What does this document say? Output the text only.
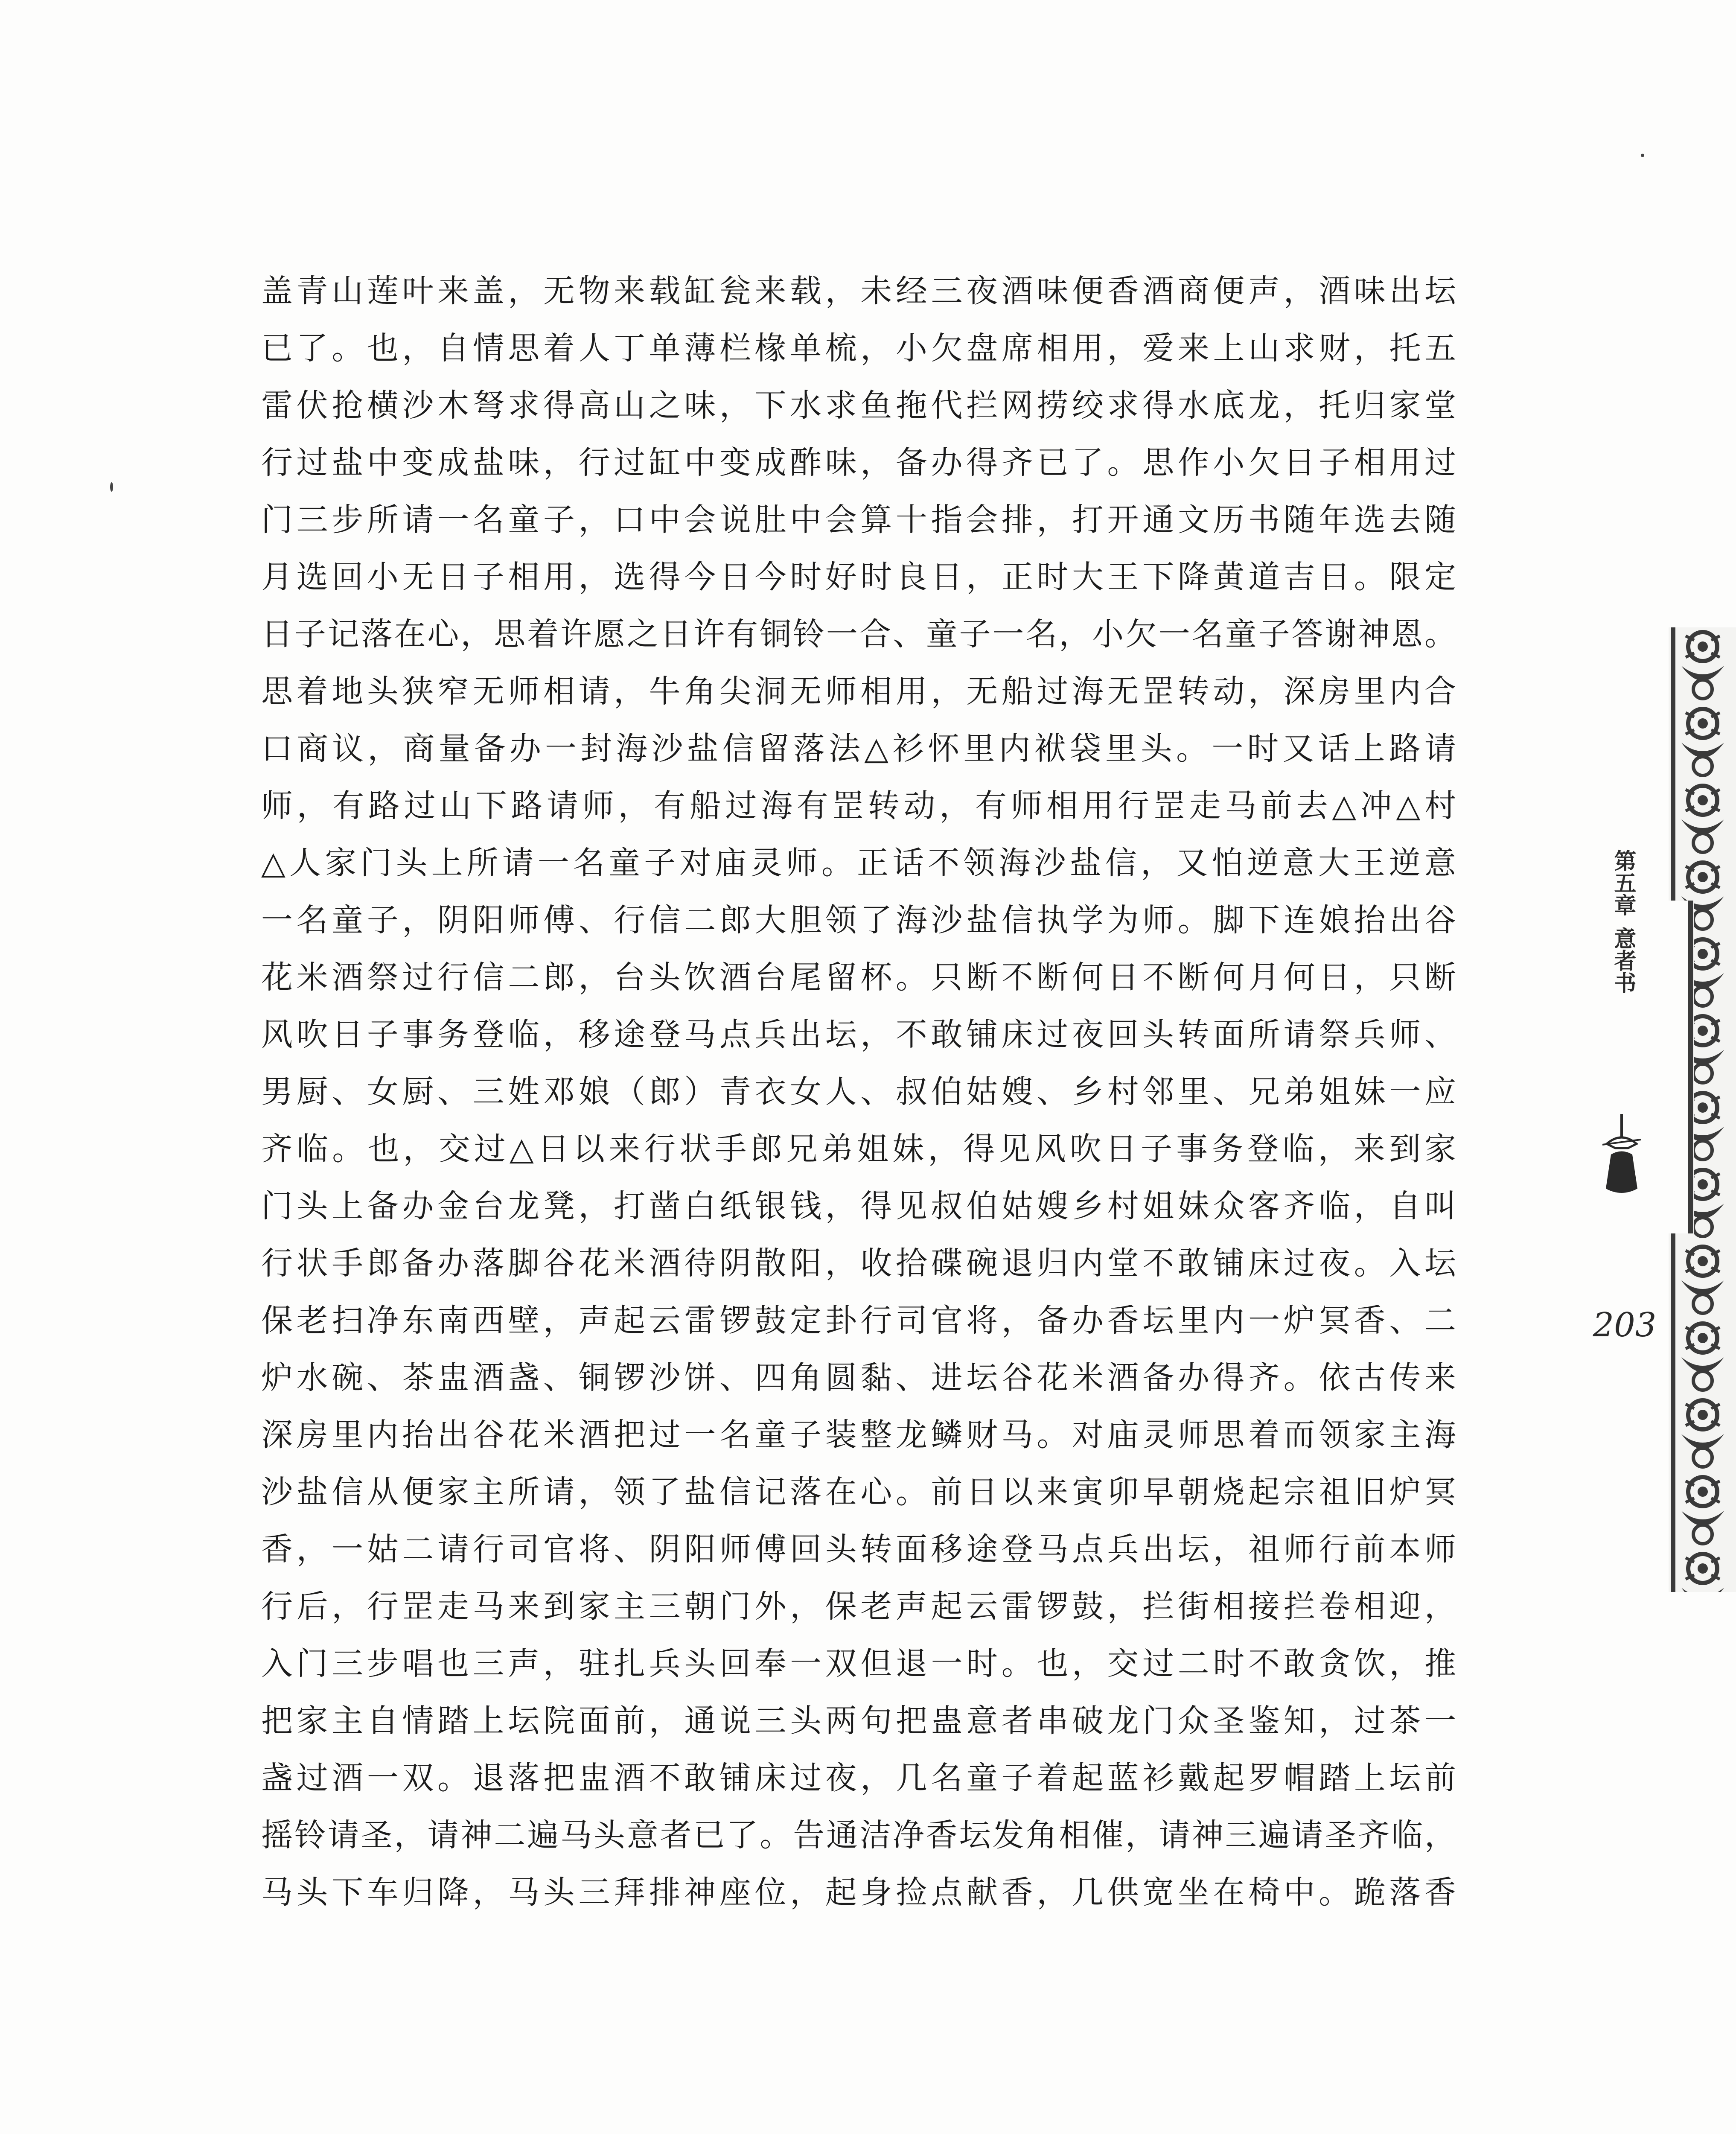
盖青山莲叶来盖，无物来载缸瓮来载，未经三夜酒味便香酒商便声，酒味出坛
已了。也，自情思着人丁单薄栏椽单梳，小欠盘席相用，爱来上山求财，托五
雷伏抢横沙木弩求得高山之味，下水求鱼拖代拦网捞绞求得水底龙，托归家堂
行过盐中变成盐味，行过缸中变成酢味，备办得齐已了。思作小欠日子相用过
门三步所请一名童子，口中会说肚中会算十指会排，打开通文历书随年选去随
月选回小无日子相用，选得今日今时好时良日，正时大王下降黄道吉日。限定
日子记落在心，思着许愿之日许有铜铃一合、童子一名，小欠一名童子答谢神恩。
思着地头狭窄无师相请，牛角尖洞无师相用，无船过海无罡转动，深房里内合
口商议，商量备办一封海沙盐信留落法△衫怀里内袱袋里头。一时又话上路请
师，有路过山下路请师，有船过海有罡转动，有师相用行罡走马前去△冲△村
△人家门头上所请一名童子对庙灵师。正话不领海沙盐信，又怕逆意大王逆意
一名童子，阴阳师傅、行信二郎大胆领了海沙盐信执学为师。脚下连娘抬出谷
花米酒祭过行信二郎，台头饮酒台尾留杯。只断不断何日不断何月何日，只断
风吹日子事务登临，移途登马点兵出坛，不敢铺床过夜回头转面所请祭兵师、
男厨、女厨、三姓邓娘（郎）青衣女人、叔伯姑嫂、乡村邻里、兄弟姐妹一应
齐临。也，交过△日以来行状手郎兄弟姐妹，得见风吹日子事务登临，来到家
门头上备办金台龙凳，打凿白纸银钱，得见叔伯姑嫂乡村姐妹众客齐临，自叫
行状手郎备办落脚谷花米酒待阴散阳，收拾碟碗退归内堂不敢铺床过夜。入坛
保老扫净东南西壁，声起云雷锣鼓定卦行司官将，备办香坛里内一炉冥香、二
炉水碗、茶盅酒盏、铜锣沙饼、四角圆黏、进坛谷花米酒备办得齐。依古传来
深房里内抬出谷花米酒把过一名童子装整龙鳞财马。对庙灵师思着而领家主海
沙盐信从便家主所请，领了盐信记落在心。前日以来寅卯早朝烧起宗祖旧炉冥
香，一姑二请行司官将、阴阳师傅回头转面移途登马点兵出坛，祖师行前本师
行后，行罡走马来到家主三朝门外，保老声起云雷锣鼓，拦街相接拦卷相迎，
入门三步唱也三声，驻扎兵头回奉一双但退一时。也，交过二时不敢贪饮，推
把家主自情踏上坛院面前，通说三头两句把蛊意者串破龙门众圣鉴知，过茶一
盏过酒一双。退落把盅酒不敢铺床过夜，几名童子着起蓝衫戴起罗帽踏上坛前
摇铃请圣，请神二遍马头意者已了。告通洁净香坛发角相催，请神三遍请圣齐临，
马头下车归降，马头三拜排神座位，起身捡点献香，几供宽坐在椅中。跪落香
第五章
意者书
203
